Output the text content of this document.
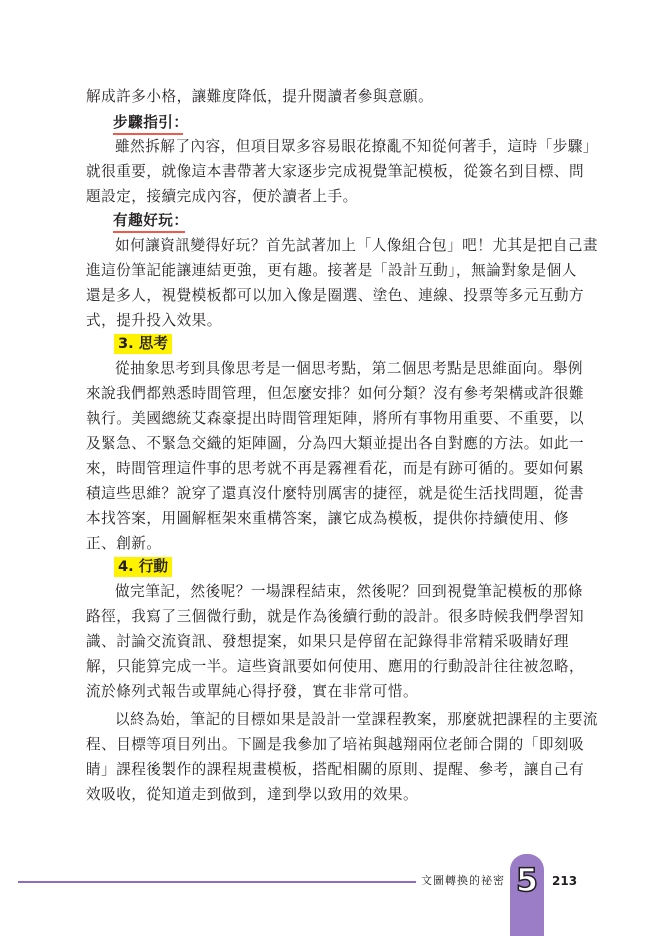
解成許多小格，讓難度降低，提升閱讀者參與意願。
步驟指引：
雖然拆解了內容，但項目眾多容易眼花撩亂不知從何著手，這時「步驟」
就很重要，就像這本書帶著大家逐步完成視覺筆記模板，從簽名到目標、問
題設定，接續完成內容，便於讀者上手。
有趣好玩：
如何讓資訊變得好玩？首先試著加上「人像組合包」吧！尤其是把自己畫
進這份筆記能讓連結更強，更有趣。接著是「設計互動」，無論對象是個人
還是多人，視覺模板都可以加入像是圈選、塗色、連線、投票等多元互動方
式，提升投入效果。
3. 思考
從抽象思考到具像思考是一個思考點，第二個思考點是思維面向。舉例
來說我們都熟悉時間管理，但怎麼安排？如何分類？沒有參考架構或許很難
執行。美國總統艾森豪提出時間管理矩陣，將所有事物用重要、不重要，以
及緊急、不緊急交織的矩陣圖，分為四大類並提出各自對應的方法。如此一
來，時間管理這件事的思考就不再是霧裡看花，而是有跡可循的。要如何累
積這些思維？說穿了還真沒什麼特別厲害的捷徑，就是從生活找問題，從書
本找答案，用圖解框架來重構答案，讓它成為模板，提供你持續使用、修
正、創新。
4. 行動
做完筆記，然後呢？一場課程結束，然後呢？回到視覺筆記模板的那條
路徑，我寫了三個微行動，就是作為後續行動的設計。很多時候我們學習知
識、討論交流資訊、發想提案，如果只是停留在記錄得非常精采吸睛好理
解，只能算完成一半。這些資訊要如何使用、應用的行動設計往往被忽略，
流於條列式報告或單純心得抒發，實在非常可惜。
以終為始，筆記的目標如果是設計一堂課程教案，那麼就把課程的主要流
程、目標等項目列出。下圖是我參加了培祐與越翔兩位老師合開的「即刻吸
睛」課程後製作的課程規畫模板，搭配相關的原則、提醒、參考，讓自己有
效吸收，從知道走到做到，達到學以致用的效果。
文圖轉換的祕密 5	213
